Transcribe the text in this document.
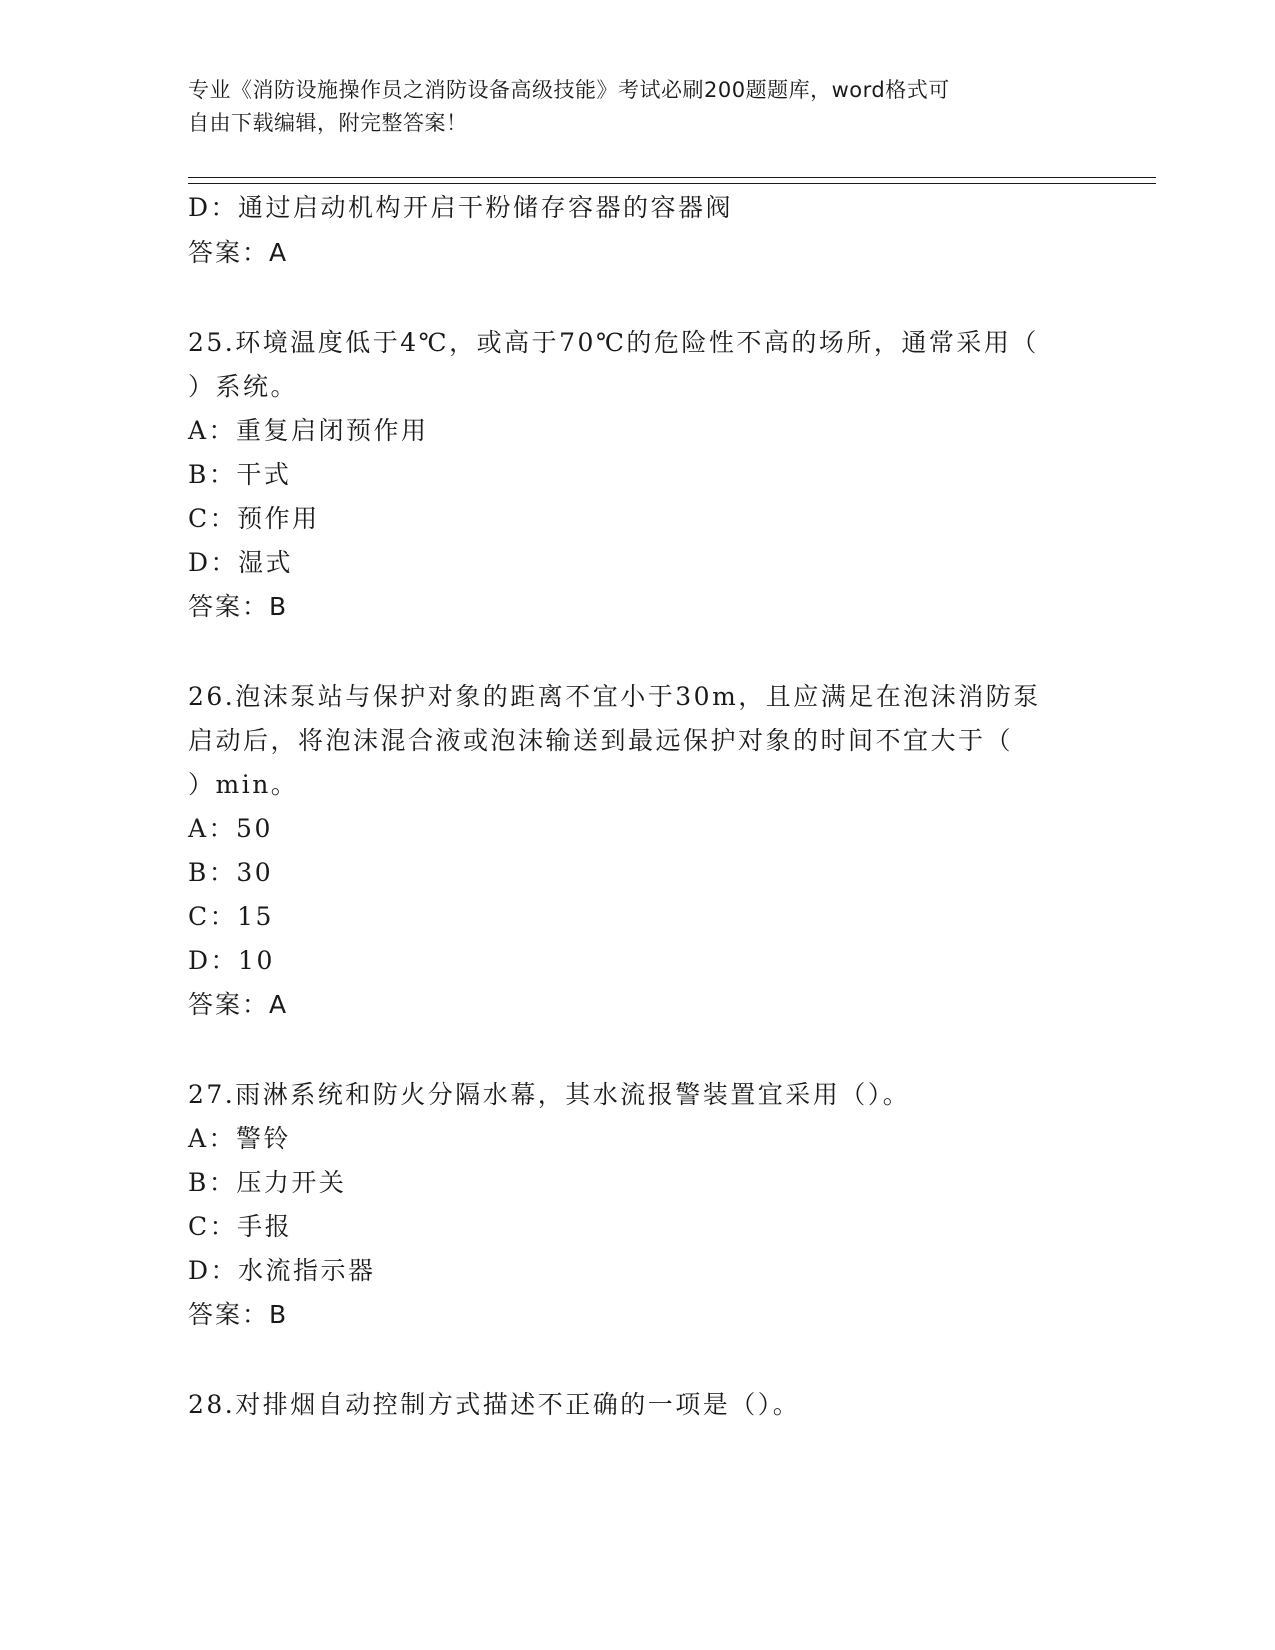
专业《消防设施操作员之消防设备高级技能》考试必刷200题题库，word格式可
自由下载编辑，附完整答案！
D：通过启动机构开启干粉储存容器的容器阀
答案：A
25.环境温度低于4℃，或高于70℃的危险性不高的场所，通常采用（
）系统。
A：重复启闭预作用
B：干式
C：预作用
D：湿式
答案：B
26.泡沫泵站与保护对象的距离不宜小于30m，且应满足在泡沫消防泵
启动后，将泡沫混合液或泡沫输送到最远保护对象的时间不宜大于（
）min。
A：50
B：30
C：15
D：10
答案：A
27.雨淋系统和防火分隔水幕，其水流报警装置宜采用（）。
A：警铃
B：压力开关
C：手报
D：水流指示器
答案：B
28.对排烟自动控制方式描述不正确的一项是（）。
